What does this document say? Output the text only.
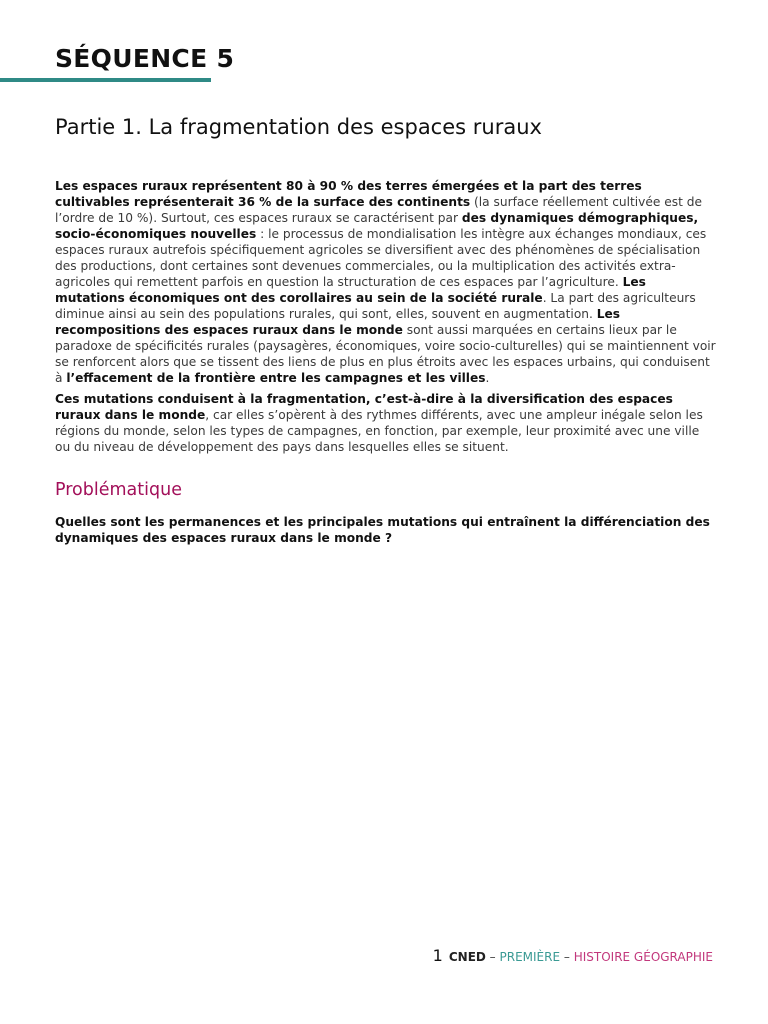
SÉQUENCE 5
Partie 1. La fragmentation des espaces ruraux

Les espaces ruraux représentent 80 à 90 % des terres émergées et la part des terres cultivables représenterait 36 % de la surface des continents (la surface réellement cultivée est de l’ordre de 10 %). Surtout, ces espaces ruraux se caractérisent par des dynamiques démographiques, socio-économiques nouvelles : le processus de mondialisation les intègre aux échanges mondiaux, ces espaces ruraux autrefois spécifiquement agricoles se diversifient avec des phénomènes de spécialisation des productions, dont certaines sont devenues commerciales, ou la multiplication des activités extra-agricoles qui remettent parfois en question la structuration de ces espaces par l’agriculture. Les mutations économiques ont des corollaires au sein de la société rurale. La part des agriculteurs diminue ainsi au sein des populations rurales, qui sont, elles, souvent en augmentation. Les recompositions des espaces ruraux dans le monde sont aussi marquées en certains lieux par le paradoxe de spécificités rurales (paysagères, économiques, voire socio-culturelles) qui se maintiennent voir se renforcent alors que se tissent des liens de plus en plus étroits avec les espaces urbains, qui conduisent à l’effacement de la frontière entre les campagnes et les villes.

Ces mutations conduisent à la fragmentation, c’est-à-dire à la diversification des espaces ruraux dans le monde, car elles s’opèrent à des rythmes différents, avec une ampleur inégale selon les régions du monde, selon les types de campagnes, en fonction, par exemple, leur proximité avec une ville ou du niveau de développement des pays dans lesquelles elles se situent.

Problématique

Quelles sont les permanences et les principales mutations qui entraînent la différenciation des dynamiques des espaces ruraux dans le monde ?

1 CNED – PREMIÈRE – HISTOIRE GÉOGRAPHIE
